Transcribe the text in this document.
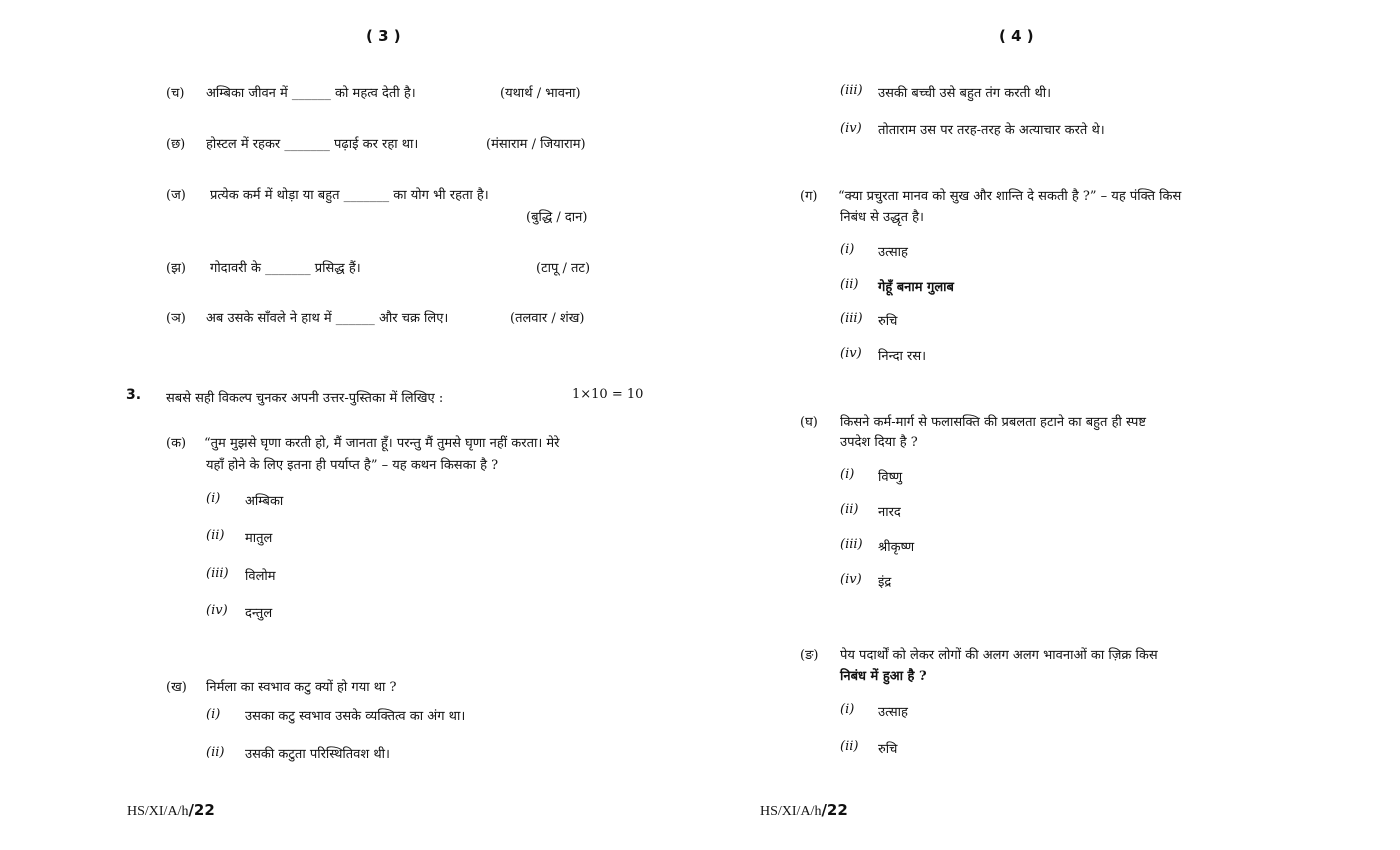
( 3 )
(च) अम्बिका जीवन में ______ को महत्व देती है।	(यथार्थ / भावना)
(छ) होस्टल में रहकर _______ पढ़ाई कर रहा था।	(मंसाराम / जियाराम)
(ज) प्रत्येक कर्म में थोड़ा या बहुत _______ का योग भी रहता है।
(बुद्धि / दान)
(झ) गोदावरी के _______ प्रसिद्ध हैं।	(टापू / तट)
(ञ) अब उसके साँवले ने हाथ में ______ और चक्र लिए।	(तलवार / शंख)
3. सबसे सही विकल्प चुनकर अपनी उत्तर-पुस्तिका में लिखिए :	1×10 = 10
(क) “तुम मुझसे घृणा करती हो, मैं जानता हूँ। परन्तु मैं तुमसे घृणा नहीं करता। मेरे
यहाँ होने के लिए इतना ही पर्याप्त है” – यह कथन किसका है ?
(i) अम्बिका
(ii) मातुल
(iii) विलोम
(iv) दन्तुल
(ख) निर्मला का स्वभाव कटु क्यों हो गया था ?
(i) उसका कटु स्वभाव उसके व्यक्तित्व का अंग था।
(ii) उसकी कटुता परिस्थितिवश थी।
HS/XI/A/h/22
( 4 )
(iii) उसकी बच्ची उसे बहुत तंग करती थी।
(iv) तोताराम उस पर तरह-तरह के अत्याचार करते थे।
(ग) “क्या प्रचुरता मानव को सुख और शान्ति दे सकती है ?” – यह पंक्ति किस
निबंध से उद्धृत है।
(i) उत्साह
(ii) गेहूँ बनाम गुलाब
(iii) रुचि
(iv) निन्दा रस।
(घ) किसने कर्म-मार्ग से फलासक्ति की प्रबलता हटाने का बहुत ही स्पष्ट
उपदेश दिया है ?
(i) विष्णु
(ii) नारद
(iii) श्रीकृष्ण
(iv) इंद्र
(ङ) पेय पदार्थों को लेकर लोगों की अलग अलग भावनाओं का ज़िक्र किस
निबंध में हुआ है ?
(i) उत्साह
(ii) रुचि
HS/XI/A/h/22
